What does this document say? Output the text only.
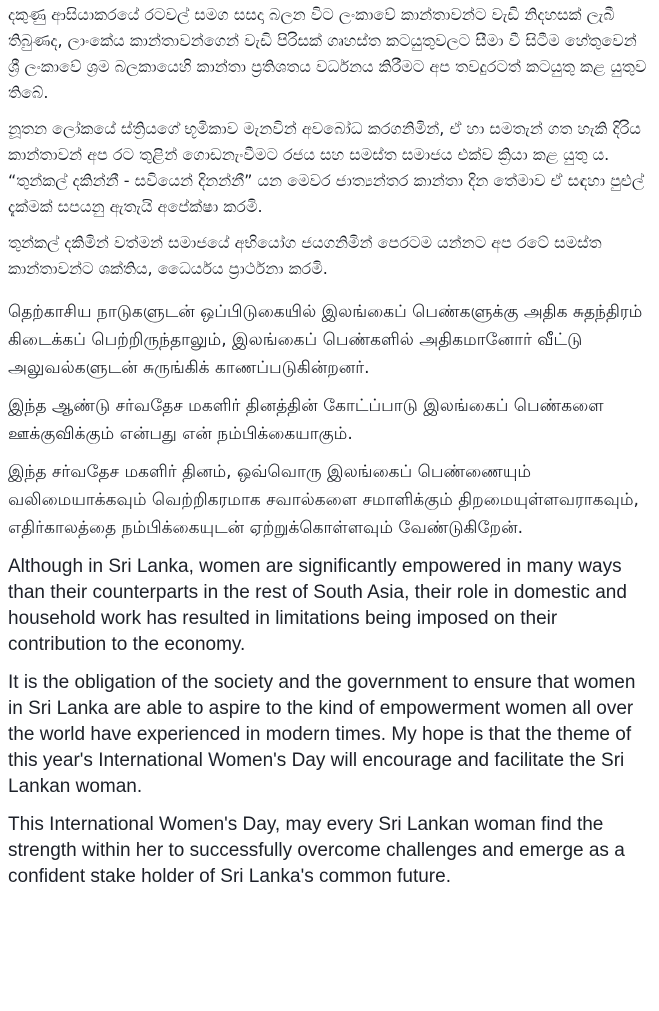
දකුණු ආසියාකරයේ රටවල් සමග සසදා බලන විට ලංකාවේ කාන්තාවන්ට වැඩි නිදහසක් ලැබී තිබුණද, ලාංකේය කාන්තාවන්ගෙන් වැඩි පිරිසක් ගෘහස්ත කටයුතුවලට සීමා වී සිටීම හේතුවෙන් ශ්‍රී ලංකාවේ ශ්‍රම බලකායෙහි කාන්තා ප්‍රතිශතය වර්ධනය කිරීමට අප තවදුරටත් කටයුතු කළ යුතුව තිබේ.

නූතන ලෝකයේ ස්ත්‍රියගේ භූමිකාව මැනවින් අවබෝධ කරගනිමින්, ඒ හා සමතැන් ගත හැකි දිරිය කාන්තාවන් අප රට තුළින් ගොඩනැංවීමට රජය සහ සමස්ත සමාජය එක්ව ක්‍රියා කළ යුතු ය. “තුන්කල් දකින්නී - සවියෙන් දිනන්නී” යන මෙවර ජාත්‍යන්තර කාන්තා දින තේමාව ඒ සඳහා පුළුල් දැක්මක් සපයනු ඇතැයි අපේක්ෂා කරමි.

තුන්කල් දකිමින් වත්මන් සමාජයේ අභියෝග ජයගනිමින් පෙරටම යන්නට අප රටේ සමස්ත කාන්තාවන්ට ශක්තිය, ධෛර්යය ප්‍රාර්ථනා කරමි.

தெற்காசிய நாடுகளுடன் ஒப்பிடுகையில் இலங்கைப் பெண்களுக்கு அதிக சுதந்திரம் கிடைக்கப் பெற்றிருந்தாலும், இலங்கைப் பெண்களில் அதிகமானோர் வீட்டு அலுவல்களுடன் சுருங்கிக் காணப்படுகின்றனர்.

இந்த ஆண்டு சர்வதேச மகளிர் தினத்தின் கோட்ப்பாடு இலங்கைப் பெண்களை ஊக்குவிக்கும் என்பது என் நம்பிக்கையாகும்.

இந்த சர்வதேச மகளிர் தினம், ஒவ்வொரு இலங்கைப் பெண்ணையும் வலிமையாக்கவும் வெற்றிகரமாக சவால்களை சமாளிக்கும் திறமையுள்ளவராகவும், எதிர்காலத்தை நம்பிக்கையுடன் ஏற்றுக்கொள்ளவும் வேண்டுகிறேன்.

Although in Sri Lanka, women are significantly empowered in many ways than their counterparts in the rest of South Asia, their role in domestic and household work has resulted in limitations being imposed on their contribution to the economy.

It is the obligation of the society and the government to ensure that women in Sri Lanka are able to aspire to the kind of empowerment women all over the world have experienced in modern times. My hope is that the theme of this year's International Women's Day will encourage and facilitate the Sri Lankan woman.

This International Women's Day, may every Sri Lankan woman find the strength within her to successfully overcome challenges and emerge as a confident stake holder of Sri Lanka's common future.
